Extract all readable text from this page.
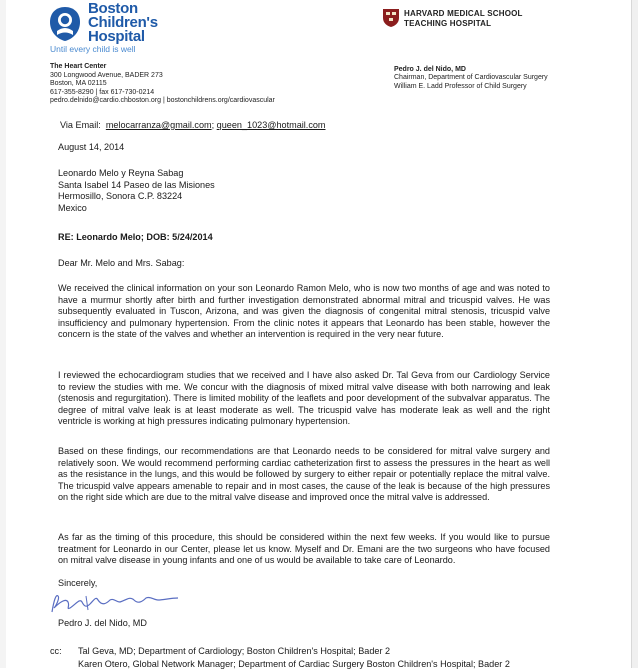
Boston
Children's
Hospital
Until every child is well
HARVARD MEDICAL SCHOOL
TEACHING HOSPITAL
The Heart Center
300 Longwood Avenue, BADER 273
Boston, MA 02115
617-355-8290 | fax 617-730-0214
pedro.delnido@cardio.chboston.org | bostonchildrens.org/cardiovascular
Pedro J. del Nido, MD
Chairman, Department of Cardiovascular Surgery
William E. Ladd Professor of Child Surgery
Via Email: melocarranza@gmail.com; queen_1023@hotmail.com
August 14, 2014
Leonardo Melo y Reyna Sabag
Santa Isabel 14 Paseo de las Misiones
Hermosillo, Sonora C.P. 83224
Mexico
RE: Leonardo Melo; DOB: 5/24/2014
Dear Mr. Melo and Mrs. Sabag:
We received the clinical information on your son Leonardo Ramon Melo, who is now two months of age and was noted to have a murmur shortly after birth and further investigation demonstrated abnormal mitral and tricuspid valves. He was subsequently evaluated in Tuscon, Arizona, and was given the diagnosis of congenital mitral stenosis, tricuspid valve insufficiency and pulmonary hypertension. From the clinic notes it appears that Leonardo has been stable, however the concern is the state of the valves and whether an intervention is required in the very near future.
I reviewed the echocardiogram studies that we received and I have also asked Dr. Tal Geva from our Cardiology Service to review the studies with me. We concur with the diagnosis of mixed mitral valve disease with both narrowing and leak (stenosis and regurgitation). There is limited mobility of the leaflets and poor development of the subvalvar apparatus. The degree of mitral valve leak is at least moderate as well. The tricuspid valve has moderate leak as well and the right ventricle is working at high pressures indicating pulmonary hypertension.
Based on these findings, our recommendations are that Leonardo needs to be considered for mitral valve surgery and relatively soon. We would recommend performing cardiac catheterization first to assess the pressures in the heart as well as the resistance in the lungs, and this would be followed by surgery to either repair or potentially replace the mitral valve. The tricuspid valve appears amenable to repair and in most cases, the cause of the leak is because of the high pressures on the right side which are due to the mitral valve disease and improved once the mitral valve is addressed.
As far as the timing of this procedure, this should be considered within the next few weeks. If you would like to pursue treatment for Leonardo in our Center, please let us know. Myself and Dr. Emani are the two surgeons who have focused on mitral valve disease in young infants and one of us would be available to take care of Leonardo.
Sincerely,
Pedro J. del Nido, MD
cc: Tal Geva, MD; Department of Cardiology; Boston Children's Hospital; Bader 2
Karen Otero, Global Network Manager; Department of Cardiac Surgery Boston Children's Hospital; Bader 2
